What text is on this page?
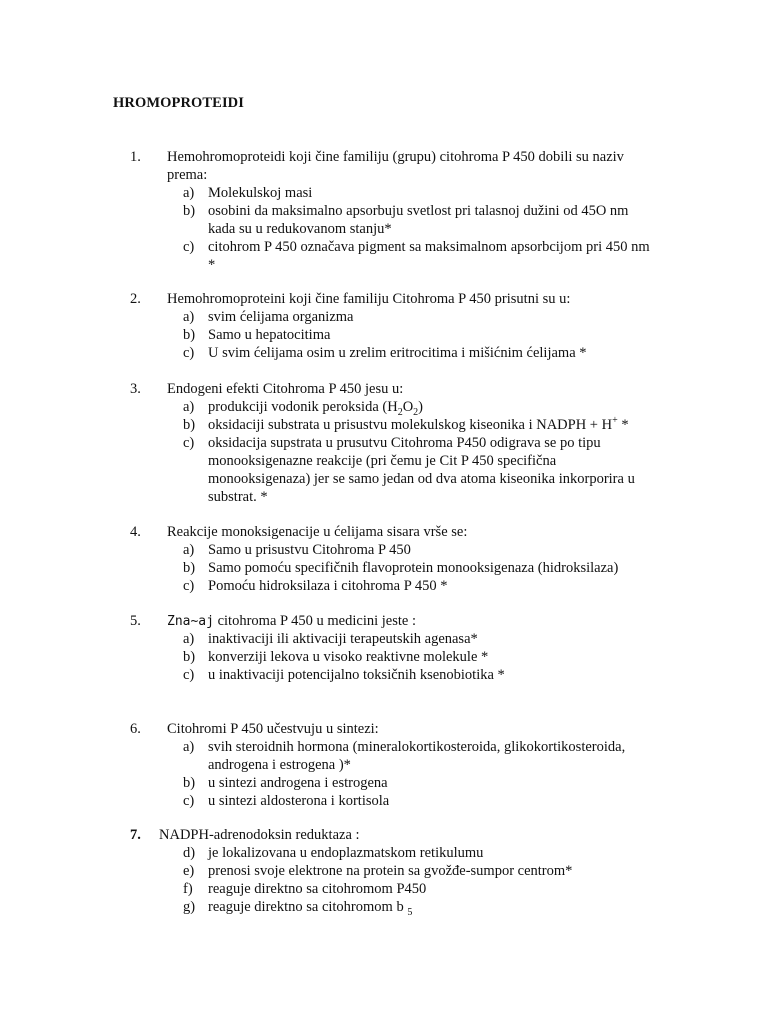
HROMOPROTEIDI
1. Hemohromoproteidi koji čine familiju (grupu) citohroma P 450 dobili su naziv prema:
a) Molekulskoj masi
b) osobini da maksimalno apsorbuju svetlost pri talasnoj dužini od 45O nm kada su u redukovanom stanju*
c) citohrom P 450 označava pigment sa maksimalnom apsorbcijom pri 450 nm *
2. Hemohromoproteini koji čine familiju Citohroma P 450 prisutni su u:
a) svim ćelijama organizma
b) Samo u hepatocitima
c) U svim ćelijama osim u zrelim eritrocitima i mišićnim ćelijama *
3. Endogeni efekti Citohroma P 450 jesu u:
a) produkciji vodonik peroksida $(H_2O_2)$
b) oksidaciji substrata u prisustvu molekulskog kiseonika i NADPH + H+ *
c) oksidacija supstrata u prusutvu Citohroma P450 odigrava se po tipu monooksigenazne reakcije (pri čemu je Cit P 450 specifična monooksigenaza) jer se samo jedan od dva atoma kiseonika inkorporira u substrat. *
4. Reakcije monoksigenacije u ćelijama sisara vrše se:
a) Samo u prisustvu Citohroma P 450
b) Samo pomoću specifičnih flavoprotein monooksigenaza (hidroksilaza)
c) Pomoću hidroksilaza i citohroma P 450 *
5. Zna~aj citohroma P 450 u medicini jeste :
a) inaktivaciji ili aktivaciji terapeutskih agenasa*
b) konverziji lekova u visoko reaktivne molekule *
c) u inaktivaciji potencijalno toksičnih ksenobiotika *
6. Citohromi P 450 učestvuju u sintezi:
a) svih steroidnih hormona (mineralokortikosteroida, glikokortikosteroida, androgena i estrogena )*
b) u sintezi androgena i estrogena
c) u sintezi aldosterona i kortisola
7. NADPH-adrenodoksin reduktaza :
d) je lokalizovana u endoplazmatskom retikulumu
e) prenosi svoje elektrone na protein sa gvožđe-sumpor centrom*
f) reaguje direktno sa citohromom P450
g) reaguje direktno sa citohromom b $_5$
